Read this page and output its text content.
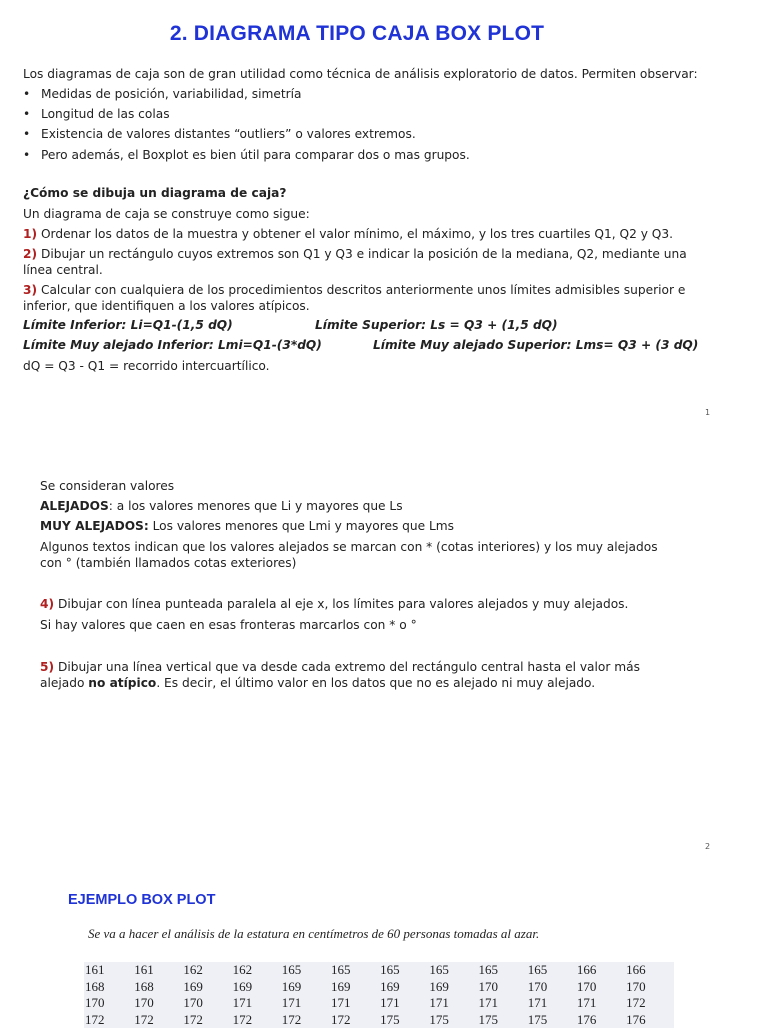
2. DIAGRAMA TIPO CAJA BOX PLOT
Los diagramas de caja son de gran utilidad como técnica de análisis exploratorio de datos. Permiten observar:
• Medidas de posición, variabilidad, simetría
• Longitud de las colas
• Existencia de valores distantes “outliers” o valores extremos.
• Pero además, el Boxplot es bien útil para comparar dos o mas grupos.
¿Cómo se dibuja un diagrama de caja?
Un diagrama de caja se construye como sigue:
1) Ordenar los datos de la muestra y obtener el valor mínimo, el máximo, y los tres cuartiles Q1, Q2 y Q3.
2) Dibujar un rectángulo cuyos extremos son Q1 y Q3 e indicar la posición de la mediana, Q2, mediante una
línea central.
3) Calcular con cualquiera de los procedimientos descritos anteriormente unos límites admisibles superior e
inferior, que identifiquen a los valores atípicos.
Límite Inferior: Li=Q1-(1,5 dQ)	Límite Superior: Ls = Q3 + (1,5 dQ)
Límite Muy alejado Inferior: Lmi=Q1-(3*dQ)	Límite Muy alejado Superior: Lms= Q3 + (3 dQ)
dQ = Q3 - Q1 = recorrido intercuartílico.
1
Se consideran valores
ALEJADOS: a los valores menores que Li y mayores que Ls
MUY ALEJADOS: Los valores menores que Lmi y mayores que Lms
Algunos textos indican que los valores alejados se marcan con * (cotas interiores) y los muy alejados
con ° (también llamados cotas exteriores)
4) Dibujar con línea punteada paralela al eje x, los límites para valores alejados y muy alejados.
Si hay valores que caen en esas fronteras marcarlos con * o °
5) Dibujar una línea vertical que va desde cada extremo del rectángulo central hasta el valor más
alejado no atípico. Es decir, el último valor en los datos que no es alejado ni muy alejado.
2
EJEMPLO BOX PLOT
Se va a hacer el análisis de la estatura en centímetros de 60 personas tomadas al azar.
161	161	162	162	165	165	165	165	165	165	166	166
168	168	169	169	169	169	169	169	170	170	170	170
170	170	170	171	171	171	171	171	171	171	171	172
172	172	172	172	172	172	175	175	175	175	176	176
